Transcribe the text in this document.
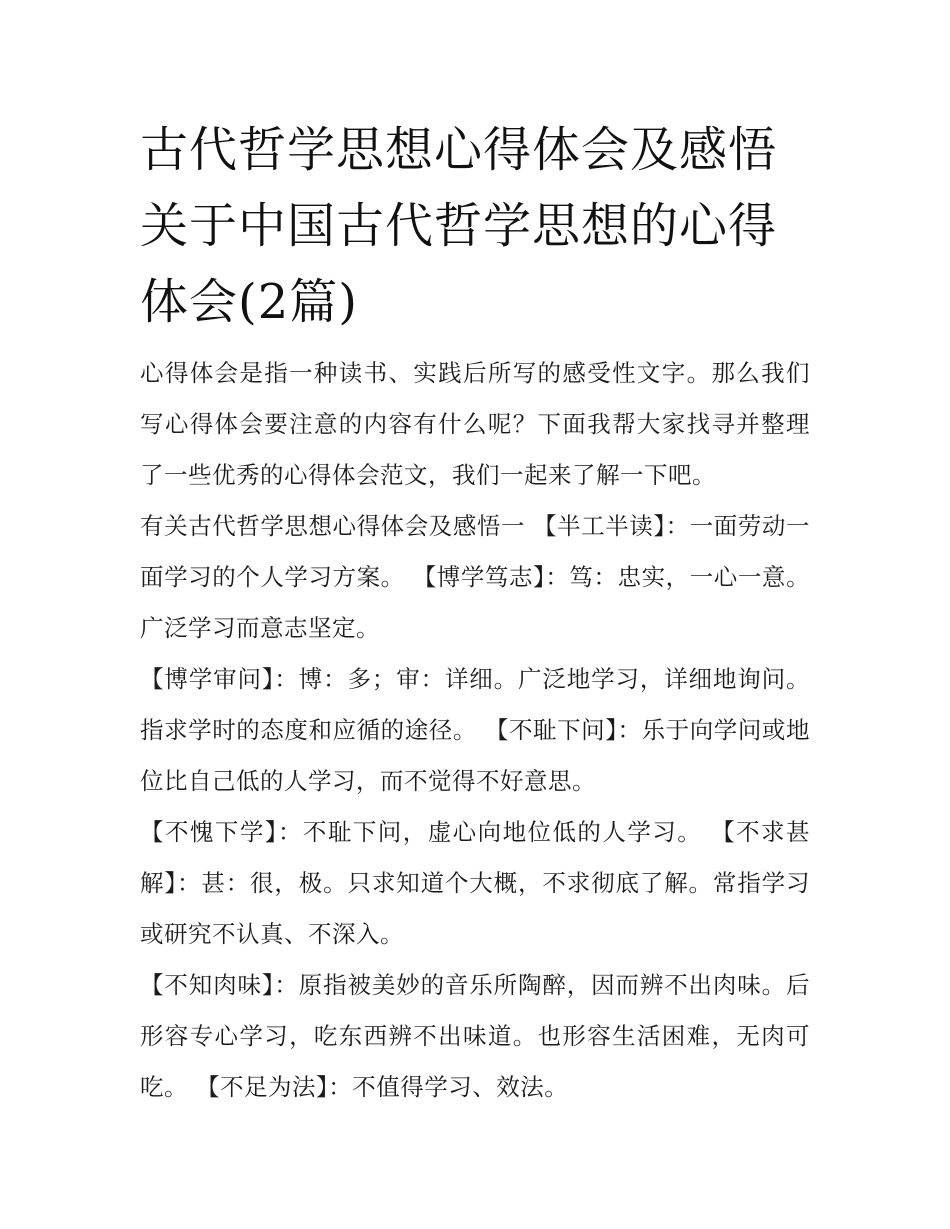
古代哲学思想心得体会及感悟关于中国古代哲学思想的心得体会(2篇)

心得体会是指一种读书、实践后所写的感受性文字。那么我们写心得体会要注意的内容有什么呢？下面我帮大家找寻并整理了一些优秀的心得体会范文，我们一起来了解一下吧。

有关古代哲学思想心得体会及感悟一 【半工半读】：一面劳动一面学习的个人学习方案。 【博学笃志】：笃：忠实，一心一意。广泛学习而意志坚定。

【博学审问】：博：多；审：详细。广泛地学习，详细地询问。指求学时的态度和应循的途径。 【不耻下问】：乐于向学问或地位比自己低的人学习，而不觉得不好意思。

【不愧下学】：不耻下问，虚心向地位低的人学习。 【不求甚解】：甚：很，极。只求知道个大概，不求彻底了解。常指学习或研究不认真、不深入。

【不知肉味】：原指被美妙的音乐所陶醉，因而辨不出肉味。后形容专心学习，吃东西辨不出味道。也形容生活困难，无肉可吃。 【不足为法】：不值得学习、效法。
